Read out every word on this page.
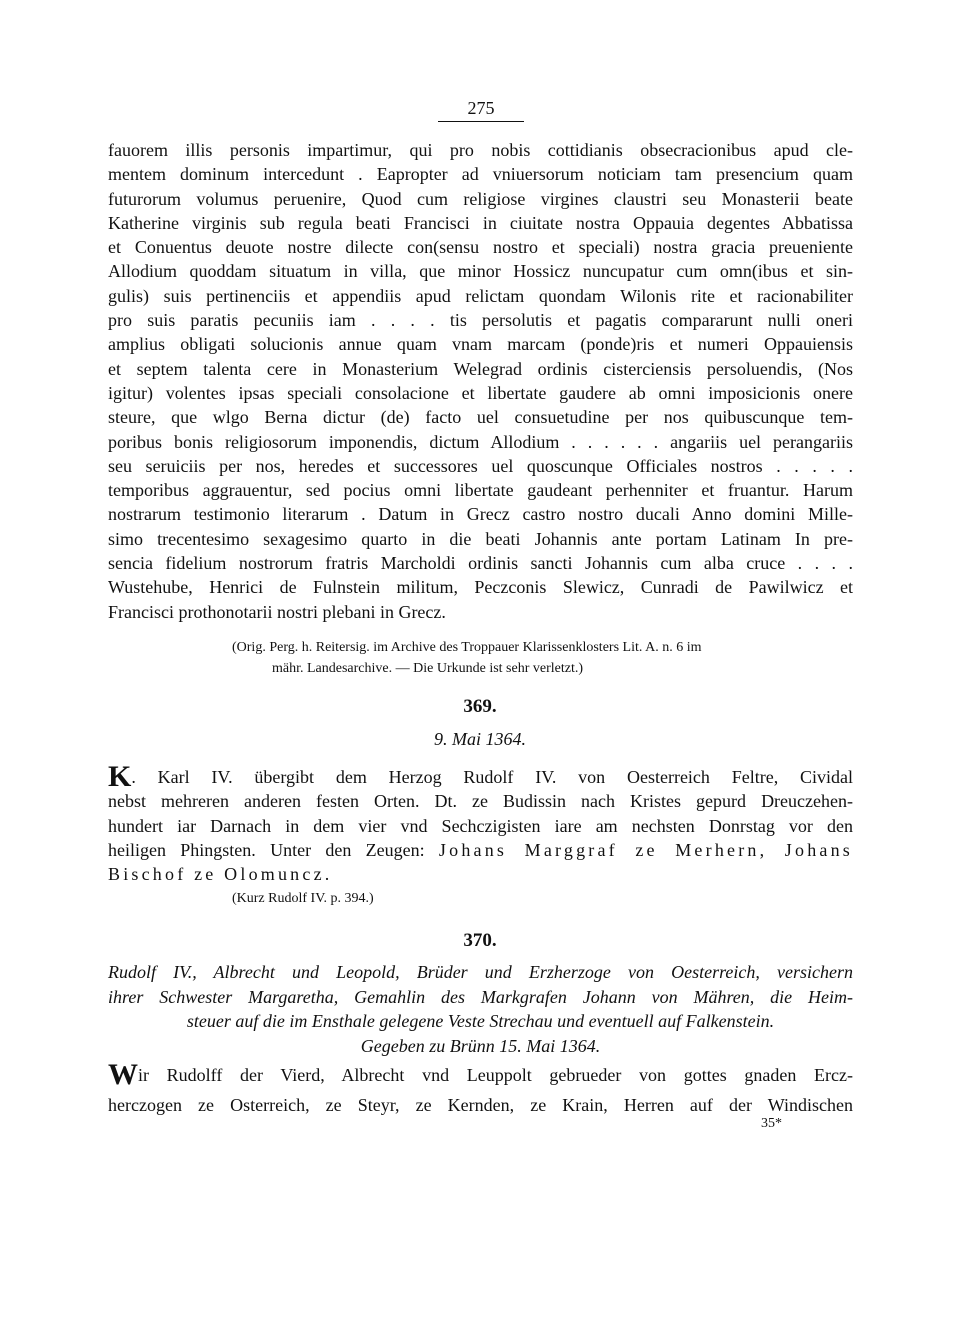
275
fauorem illis personis impartimur, qui pro nobis cottidianis obsecracionibus apud cle-
mentem dominum intercedunt . Eapropter ad vniuersorum noticiam tam presencium quam
futurorum volumus peruenire, Quod cum religiose virgines claustri seu Monasterii beate
Katherine virginis sub regula beati Francisci in ciuitate nostra Oppauia degentes Abbatissa
et Conuentus deuote nostre dilecte con(sensu nostro et speciali) nostra gracia preueniente
Allodium quoddam situatum in villa, que minor Hossicz nuncupatur cum omn(ibus et sin-
gulis) suis pertinenciis et appendiis apud relictam quondam Wilonis rite et racionabiliter
pro suis paratis pecuniis iam . . . . tis persolutis et pagatis compararunt nulli oneri
amplius obligati solucionis annue quam vnam marcam (ponde)ris et numeri Oppauiensis
et septem talenta cere in Monasterium Welegrad ordinis cisterciensis persoluendis, (Nos
igitur) volentes ipsas speciali consolacione et libertate gaudere ab omni imposicionis onere
steure, que wlgo Berna dictur (de) facto uel consuetudine per nos quibuscunque tem-
poribus bonis religiosorum imponendis, dictum Allodium . . . . . . angariis uel perangariis
seu seruiciis per nos, heredes et successores uel quoscunque Officiales nostros . . . . .
temporibus aggrauentur, sed pocius omni libertate gaudeant perhenniter et fruantur. Harum
nostrarum testimonio literarum . Datum in Grecz castro nostro ducali Anno domini Mille-
simo trecentesimo sexagesimo quarto in die beati Johannis ante portam Latinam In pre-
sencia fidelium nostrorum fratris Marcholdi ordinis sancti Johannis cum alba cruce . . . .
Wustehube, Henrici de Fulnstein militum, Peczconis Slewicz, Cunradi de Pawilwicz et
Francisci prothonotarii nostri plebani in Grecz.
(Orig. Perg. h. Reitersig. im Archive des Troppauer Klarissenklosters Lit. A. n. 6 im
mähr. Landesarchive. — Die Urkunde ist sehr verletzt.)
369.
9. Mai 1364.
K. Karl IV. übergibt dem Herzog Rudolf IV. von Oesterreich Feltre, Cividal
nebst mehreren anderen festen Orten. Dt. ze Budissin nach Kristes gepurd Dreuczehen-
hundert iar Darnach in dem vier vnd Sechczigisten iare am nechsten Donrstag vor den
heiligen Phingsten. Unter den Zeugen: Johans Marggraf ze Merhern, Johans
Bischof ze Olomuncz.
(Kurz Rudolf IV. p. 394.)
370.
Rudolf IV., Albrecht und Leopold, Brüder und Erzherzoge von Oesterreich, versichern
ihrer Schwester Margaretha, Gemahlin des Markgrafen Johann von Mähren, die Heim-
steuer auf die im Ensthale gelegene Veste Strechau und eventuell auf Falkenstein.
Gegeben zu Brünn 15. Mai 1364.
Wir Rudolff der Vierd, Albrecht vnd Leuppolt gebrueder von gottes gnaden Ercz-
herczogen ze Osterreich, ze Steyr, ze Kernden, ze Krain, Herren auf der Windischen
35*
